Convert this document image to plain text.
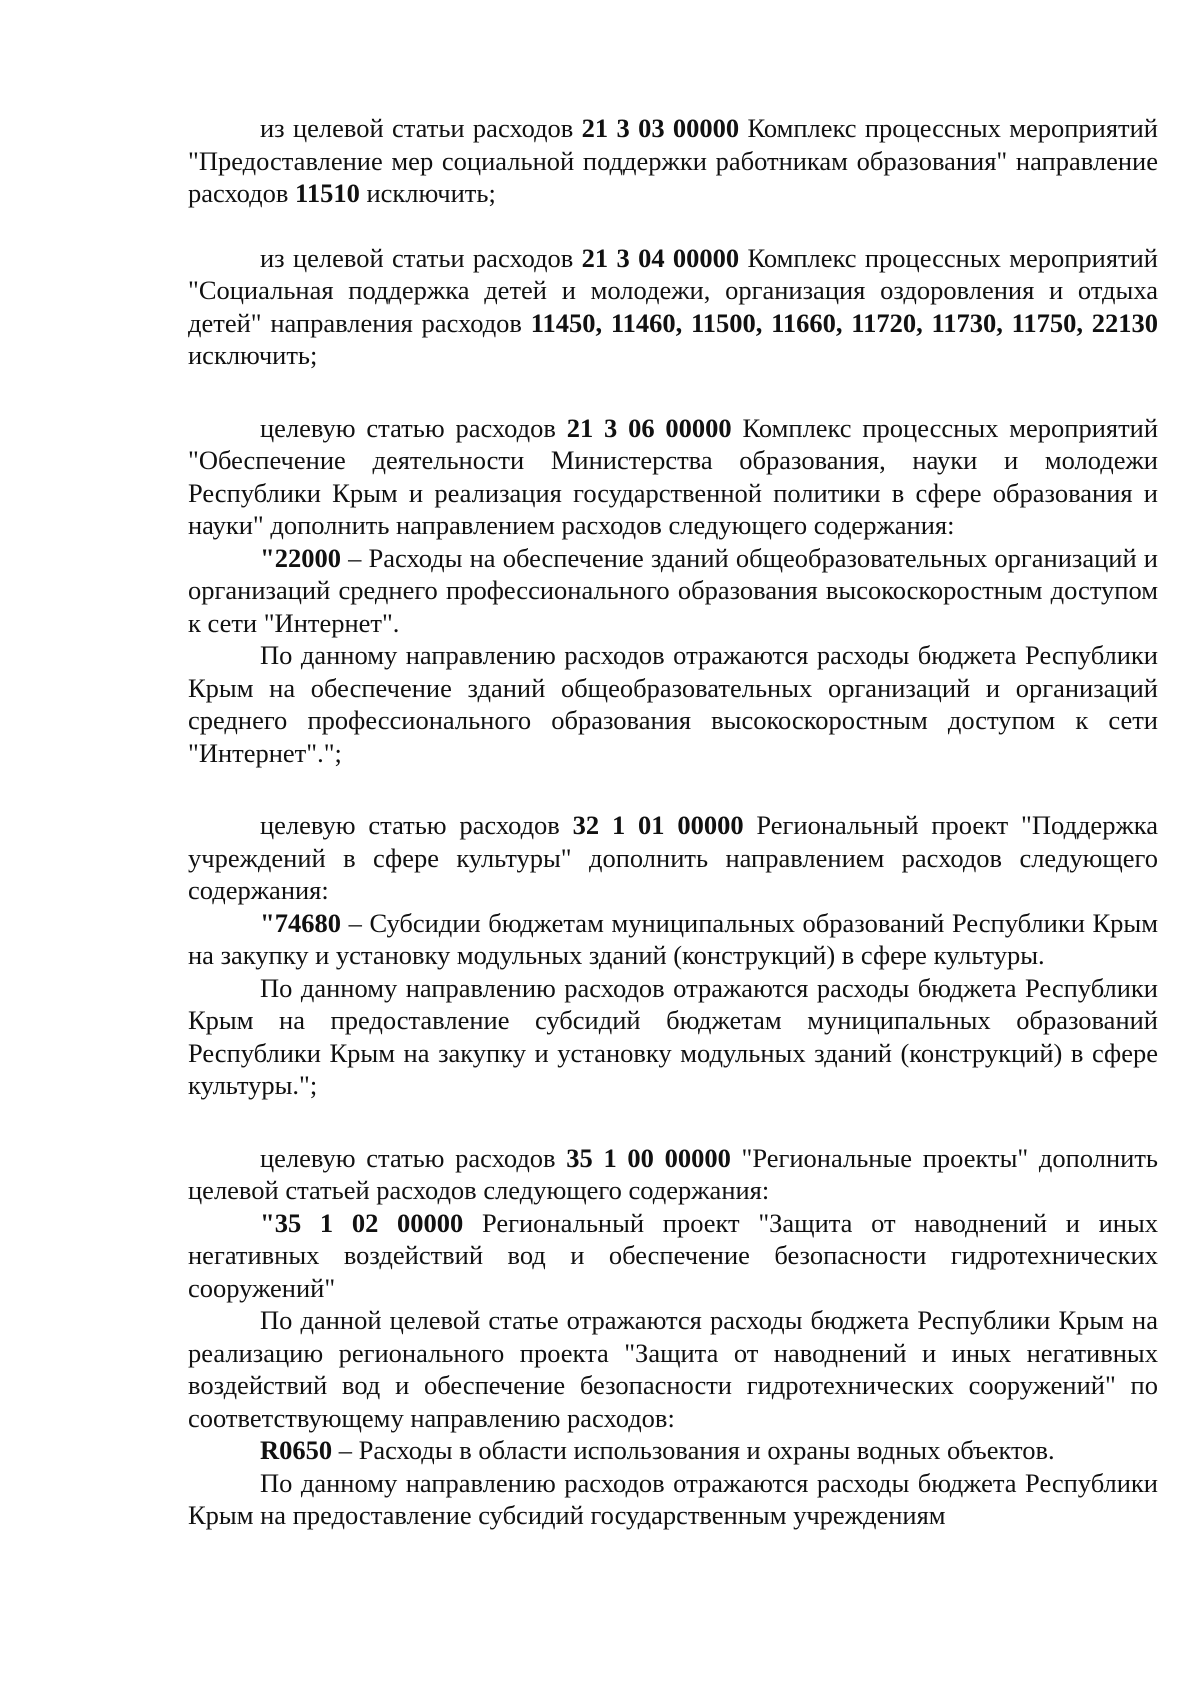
из целевой статьи расходов 21 3 03 00000 Комплекс процессных мероприятий "Предоставление мер социальной поддержки работникам образования" направление расходов 11510 исключить;

из целевой статьи расходов 21 3 04 00000 Комплекс процессных мероприятий "Социальная поддержка детей и молодежи, организация оздоровления и отдыха детей" направления расходов 11450, 11460, 11500, 11660, 11720, 11730, 11750, 22130 исключить;

целевую статью расходов 21 3 06 00000 Комплекс процессных мероприятий "Обеспечение деятельности Министерства образования, науки и молодежи Республики Крым и реализация государственной политики в сфере образования и науки" дополнить направлением расходов следующего содержания:

"22000 – Расходы на обеспечение зданий общеобразовательных организаций и организаций среднего профессионального образования высокоскоростным доступом к сети "Интернет".

По данному направлению расходов отражаются расходы бюджета Республики Крым на обеспечение зданий общеобразовательных организаций и организаций среднего профессионального образования высокоскоростным доступом к сети "Интернет".";

целевую статью расходов 32 1 01 00000 Региональный проект "Поддержка учреждений в сфере культуры" дополнить направлением расходов следующего содержания:

"74680 – Субсидии бюджетам муниципальных образований Республики Крым на закупку и установку модульных зданий (конструкций) в сфере культуры.

По данному направлению расходов отражаются расходы бюджета Республики Крым на предоставление субсидий бюджетам муниципальных образований Республики Крым на закупку и установку модульных зданий (конструкций) в сфере культуры.";

целевую статью расходов 35 1 00 00000 "Региональные проекты" дополнить целевой статьей расходов следующего содержания:

"35 1 02 00000 Региональный проект "Защита от наводнений и иных негативных воздействий вод и обеспечение безопасности гидротехнических сооружений"

По данной целевой статье отражаются расходы бюджета Республики Крым на реализацию регионального проекта "Защита от наводнений и иных негативных воздействий вод и обеспечение безопасности гидротехнических сооружений" по соответствующему направлению расходов:

R0650 – Расходы в области использования и охраны водных объектов.

По данному направлению расходов отражаются расходы бюджета Республики Крым на предоставление субсидий государственным учреждениям
